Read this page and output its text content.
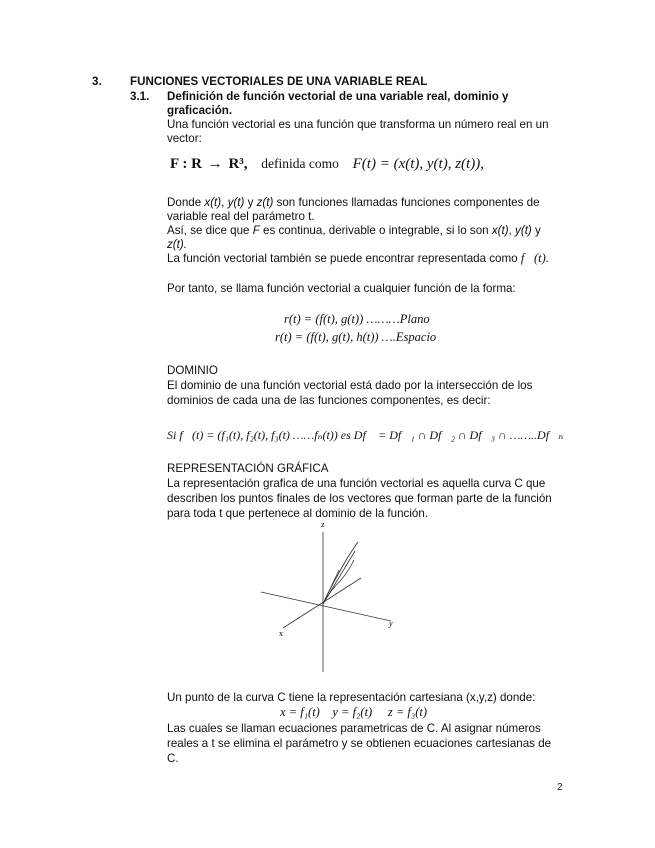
3. FUNCIONES VECTORIALES DE UNA VARIABLE REAL
3.1. Definición de función vectorial de una variable real, dominio y
graficación.
Una función vectorial es una función que transforma un número real en un
vector:
F : R → R³, definida como F(t) = (x(t), y(t), z(t)),
Donde x(t), y(t) y z(t) son funciones llamadas funciones componentes de
variable real del parámetro t.
Así, se dice que F es continua, derivable o integrable, si lo son x(t), y(t) y
z(t).
La función vectorial también se puede encontrar representada como f⃗(t).
Por tanto, se llama función vectorial a cualquier función de la forma:
r(t) = (f(t), g(t)) ………Plano
r(t) = (f(t), g(t), h(t)) ….Espacio
DOMINIO
El dominio de una función vectorial está dado por la intersección de los
dominios de cada una de las funciones componentes, es decir:
Si f⃗(t) = (f₁(t), f₂(t), f₃(t) ……fₙ(t)) es Df⃗ = Df⃗₁ ∩ Df⃗₂ ∩ Df⃗₃ ∩ ……..Df⃗ₙ
REPRESENTACIÓN GRÁFICA
La representación grafica de una función vectorial es aquella curva C que
describen los puntos finales de los vectores que forman parte de la función
para toda t que pertenece al dominio de la función.
z
y
x
Un punto de la curva C tiene la representación cartesiana (x,y,z) donde:
x = f₁(t)    y = f₂(t)     z = f₃(t)
Las cuales se llaman ecuaciones parametricas de C. Al asignar números
reales a t se elimina el parámetro y se obtienen ecuaciones cartesianas de
C.
2
